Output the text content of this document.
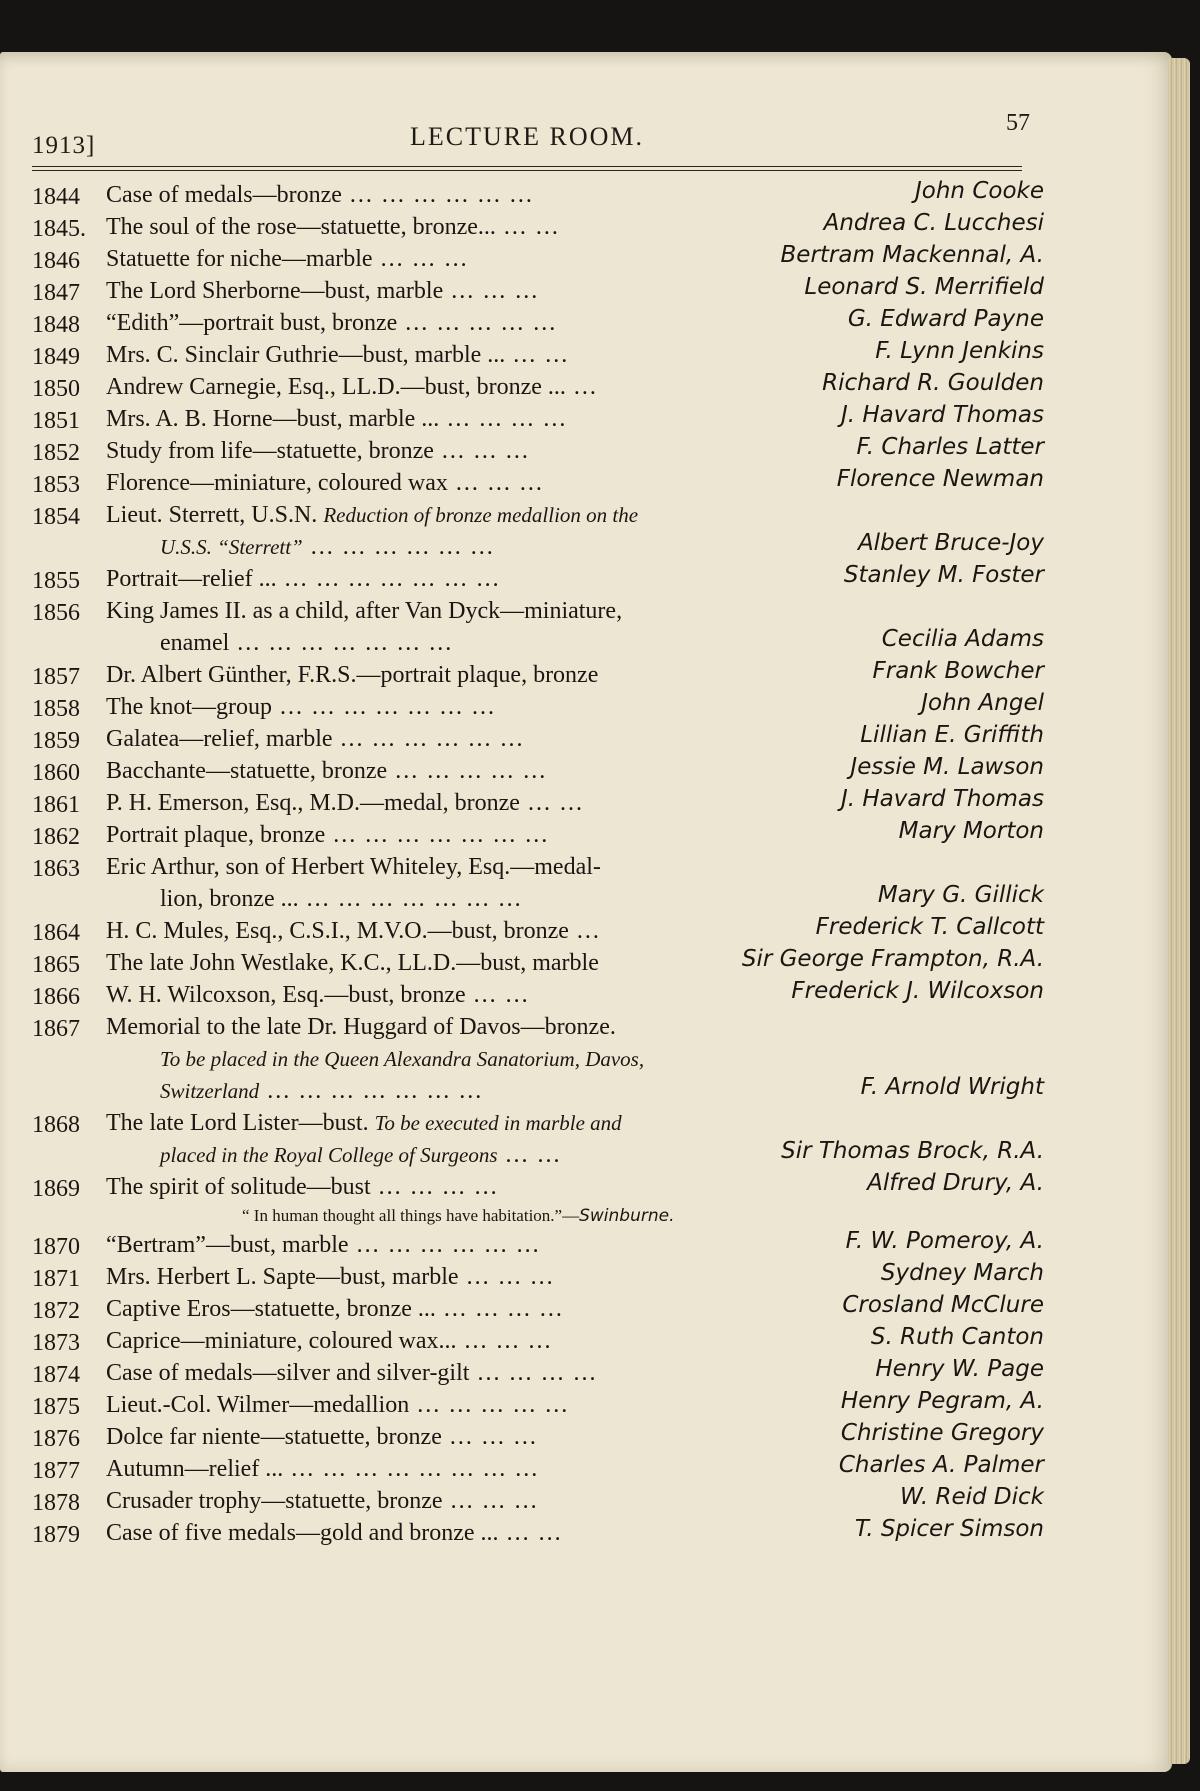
1913]	LECTURE ROOM.	57
1844	Case of medals—bronze ... ... ... ... ... ...	John Cooke
1845. The soul of the rose—statuette, bronze... ... ...	Andrea C. Lucchesi
1846	Statuette for niche—marble ... ... ...	Bertram Mackennal, A.
1847	The Lord Sherborne—bust, marble ... ... ...	Leonard S. Merrifield
1848	“Edith”—portrait bust, bronze ... ... ... ... ...	G. Edward Payne
1849	Mrs. C. Sinclair Guthrie—bust, marble ... ... ...	F. Lynn Jenkins
1850	Andrew Carnegie, Esq., LL.D.—bust, bronze ... ...	Richard R. Goulden
1851	Mrs. A. B. Horne—bust, marble ... ... ... ... ...	J. Havard Thomas
1852	Study from life—statuette, bronze ... ... ...	F. Charles Latter
1853	Florence—miniature, coloured wax ... ... ...	Florence Newman
1854	Lieut. Sterrett, U.S.N. Reduction of bronze medallion on the
U.S.S. “Sterrett” ... ... ... ... ... ...	Albert Bruce-Joy
1855	Portrait—relief ... ... ... ... ... ... ... ...	Stanley M. Foster
1856	King James II. as a child, after Van Dyck—miniature,
enamel ... ... ... ... ... ... ...	Cecilia Adams
1857	Dr. Albert Günther, F.R.S.—portrait plaque, bronze	Frank Bowcher
1858	The knot—group ... ... ... ... ... ... ...	John Angel
1859	Galatea—relief, marble ... ... ... ... ... ...	Lillian E. Griffith
1860	Bacchante—statuette, bronze ... ... ... ... ...	Jessie M. Lawson
1861	P. H. Emerson, Esq., M.D.—medal, bronze ... ...	J. Havard Thomas
1862	Portrait plaque, bronze ... ... ... ... ... ... ...	Mary Morton
1863	Eric Arthur, son of Herbert Whiteley, Esq.—medal-
lion, bronze ... ... ... ... ... ... ... ...	Mary G. Gillick
1864	H. C. Mules, Esq., C.S.I., M.V.O.—bust, bronze ...	Frederick T. Callcott
1865	The late John Westlake, K.C., LL.D.—bust, marble	Sir George Frampton, R.A.
1866	W. H. Wilcoxson, Esq.—bust, bronze ... ...	Frederick J. Wilcoxson
1867	Memorial to the late Dr. Huggard of Davos—bronze.
To be placed in the Queen Alexandra Sanatorium, Davos,
Switzerland ... ... ... ... ... ... ...	F. Arnold Wright
1868	The late Lord Lister—bust. To be executed in marble and
placed in the Royal College of Surgeons ... ...	Sir Thomas Brock, R.A.
1869	The spirit of solitude—bust ... ... ... ...	Alfred Drury, A.
“ In human thought all things have habitation.”—Swinburne.
1870	“Bertram”—bust, marble ... ... ... ... ... ...	F. W. Pomeroy, A.
1871	Mrs. Herbert L. Sapte—bust, marble ... ... ...	Sydney March
1872	Captive Eros—statuette, bronze ... ... ... ... ...	Crosland McClure
1873	Caprice—miniature, coloured wax... ... ... ...	S. Ruth Canton
1874	Case of medals—silver and silver-gilt ... ... ... ...	Henry W. Page
1875	Lieut.-Col. Wilmer—medallion ... ... ... ... ...	Henry Pegram, A.
1876	Dolce far niente—statuette, bronze ... ... ...	Christine Gregory
1877	Autumn—relief ... ... ... ... ... ... ... ... ...	Charles A. Palmer
1878	Crusader trophy—statuette, bronze ... ... ...	W. Reid Dick
1879	Case of five medals—gold and bronze ... ... ...	T. Spicer Simson
